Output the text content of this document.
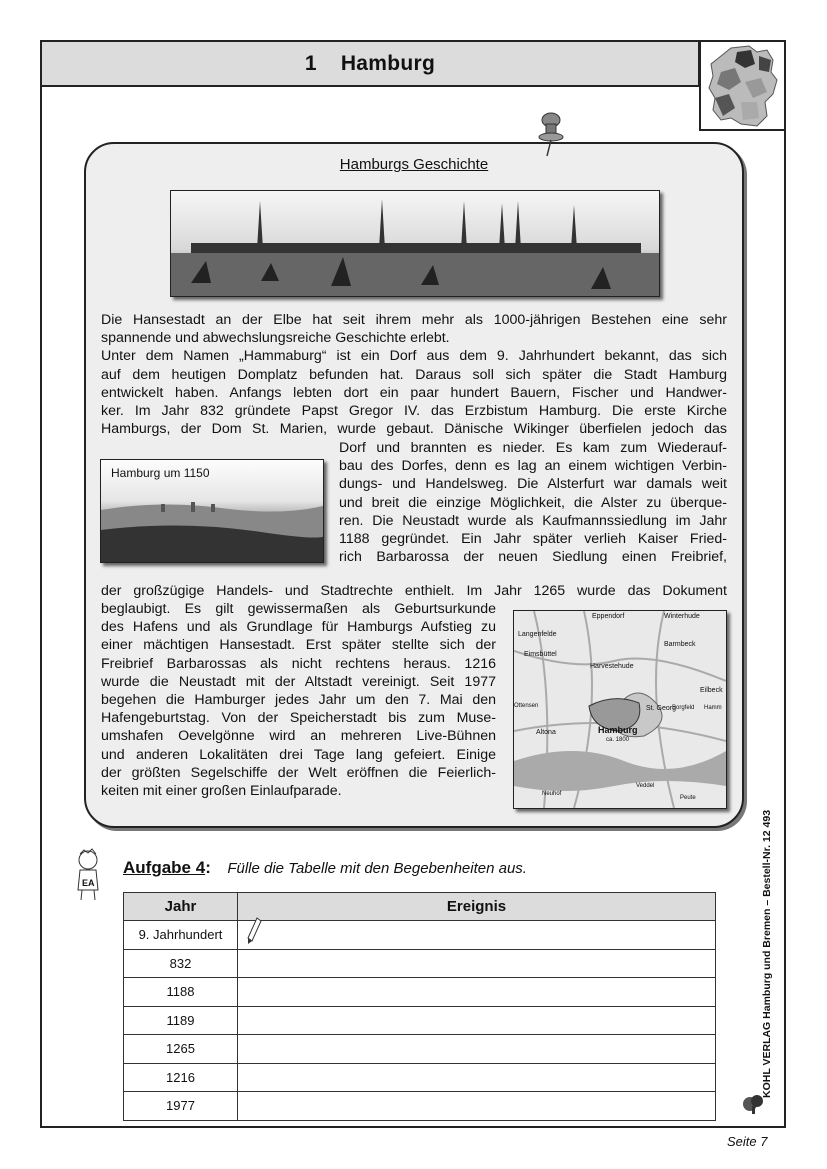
1 Hamburg
Hamburgs Geschichte
Die Hansestadt an der Elbe hat seit ihrem mehr als 1000-jährigen Bestehen eine sehr
spannende und abwechslungsreiche Geschichte erlebt.
Unter dem Namen „Hammaburg“ ist ein Dorf aus dem 9. Jahrhundert bekannt, das sich
auf dem heutigen Domplatz befunden hat. Daraus soll sich später die Stadt Hamburg
entwickelt haben. Anfangs lebten dort ein paar hundert Bauern, Fischer und Handwer-
ker. Im Jahr 832 gründete Papst Gregor IV. das Erzbistum Hamburg. Die erste Kirche
Hamburgs, der Dom St. Marien, wurde gebaut. Dänische Wikinger überfielen jedoch das
Hamburg um 1150
Dorf und brannten es nieder. Es kam zum Wiederauf-
bau des Dorfes, denn es lag an einem wichtigen Verbin-
dungs- und Handelsweg. Die Alsterfurt war damals weit
und breit die einzige Möglichkeit, die Alster zu überque-
ren. Die Neustadt wurde als Kaufmannssiedlung im Jahr
1188 gegründet. Ein Jahr später verlieh Kaiser Fried-
rich Barbarossa der neuen Siedlung einen Freibrief,
der großzügige Handels- und Stadtrechte enthielt. Im Jahr 1265 wurde das Dokument
beglaubigt. Es gilt gewissermaßen als Geburtsurkunde
des Hafens und als Grundlage für Hamburgs Aufstieg zu
einer mächtigen Hansestadt. Erst später stellte sich der
Freibrief Barbarossas als nicht rechtens heraus. 1216
wurde die Neustadt mit der Altstadt vereinigt. Seit 1977
begehen die Hamburger jedes Jahr um den 7. Mai den
Hafengeburtstag. Von der Speicherstadt bis zum Muse-
umshafen Oevelgönne wird an mehreren Live-Bühnen
und anderen Lokalitäten drei Tage lang gefeiert. Einige
der größten Segelschiffe der Welt eröffnen die Feierlich-
keiten mit einer großen Einlaufparade.
Eppendorf	Winterhude
Langenfelde
Barmbeck
Eimsbüttel
Harvestehude
Eilbeck
St. Georg
Borgfeld Hamm
Ottensen
Altona	Hamburg
ca. 1800
Neuhof
Veddel
Peute
EA
Aufgabe 4: Fülle die Tabelle mit den Begebenheiten aus.
Jahr	Ereignis
9. Jahrhundert	

832	
1188	
1189	
1265	
1216	
1977	
KOHL VERLAG Hamburg und Bremen – Bestell-Nr. 12 493
Seite 7
